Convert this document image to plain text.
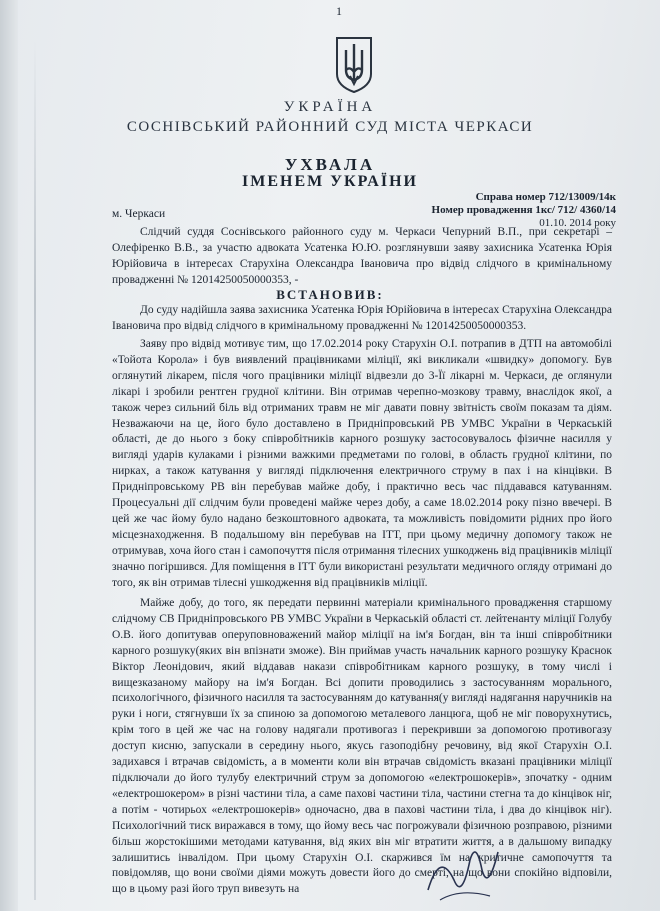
1
УКРАЇНА
СОСНІВСЬКИЙ РАЙОННИЙ СУД МІСТА ЧЕРКАСИ
УХВАЛА
ІМЕНЕМ УКРАЇНИ
Справа номер 712/13009/14к
Номер провадження 1кс/ 712/ 4360/14
01.10. 2014 року
м. Черкаси

Слідчий суддя Соснівського районного суду м. Черкаси Чепурний В.П., при секретарі – Олефіренко В.В., за участю адвоката Усатенка Ю.Ю. розглянувши заяву захисника Усатенка Юрія Юрійовича в інтересах Старухіна Олександра Івановича про відвід слідчого в кримінальному провадженні № 12014250050000353, -

ВСТАНОВИВ:

До суду надійшла заява захисника Усатенка Юрія Юрійовича в інтересах Старухіна Олександра Івановича про відвід слідчого в кримінальному провадженні № 12014250050000353.

Заяву про відвід мотивує тим, що 17.02.2014 року Старухін О.І. потрапив в ДТП на автомобілі «Тойота Корола» і був виявлений працівниками міліції, які викликали «швидку» допомогу. Був оглянутий лікарем, після чого працівники міліції відвезли до 3-Її лікарні м. Черкаси, де оглянули лікарі і зробили рентген грудної клітини. Він отримав черепно-мозкову травму, внаслідок якої, а також через сильний біль від отриманих травм не міг давати повну звітність своїм показам та діям. Незважаючи на це, його було доставлено в Придніпровський РВ УМВС України в Черкаській області, де до нього з боку співробітників карного розшуку застосовувалось фізичне насилля у вигляді ударів кулаками і різними важкими предметами по голові, в область грудної клітини, по нирках, а також катування у вигляді підключення електричного струму в пах і на кінцівки. В Придніпровському РВ він перебував майже добу, і практично весь час піддавався катуванням. Процесуальні дії слідчим були проведені майже через добу, а саме 18.02.2014 року пізно ввечері. В цей же час йому було надано безкоштовного адвоката, та можливість повідомити рідних про його місцезнаходження. В подальшому він перебував на ІТТ, при цьому медичну допомогу також не отримував, хоча його стан і самопочуття після отримання тілесних ушкоджень від працівників міліції значно погіршився. Для поміщення в ІТТ були використані результати медичного огляду отримані до того, як він отримав тілесні ушкодження від працівників міліції.

Майже добу, до того, як передати первинні матеріали кримінального провадження старшому слідчому СВ Придніпровського РВ УМВС України в Черкаській області ст. лейтенанту міліції Голубу О.В. його допитував оперуповноважений майор міліції на ім'я Богдан, він та інші співробітники карного розшуку(яких він впізнати зможе). Він приймав участь начальник карного розшуку Краснок Віктор Леонідович, який віддавав накази співробітникам карного розшуку, в тому числі і вищезказаному майору на ім'я Богдан. Всі допити проводились з застосуванням морального, психологічного, фізичного насилля та застосуванням до катування(у вигляді надягання наручників на руки і ноги, стягнувши їх за спиною за допомогою металевого ланцюга, щоб не міг поворухнутись, крім того в цей же час на голову надягали противогаз і перекривши за допомогою противогазу доступ кисню, запускали в середину нього, якусь газоподібну речовину, від якої Старухін О.І. задихався і втрачав свідомість, а в моменти коли він втрачав свідомість вказані працівники міліції підключали до його тулубу електричний струм за допомогою «електрошокерів», зпочатку - одним «електрошокером» в різні частини тіла, а саме пахові частини тіла, частини стегна та до кінцівок ніг, а потім - чотирьох «електрошокерів» одночасно, два в пахові частини тіла, і два до кінцівок ніг). Психологічний тиск виражався в тому, що йому весь час погрожували фізичною розправою, різними більш жорстокішими методами катування, від яких він міг втратити життя, а в дальшому випадку залишитись інвалідом. При цьому Старухін О.І. скаржився їм на критичне самопочуття та повідомляв, що вони своїми діями можуть довести його до смерті, на що вони спокійно відповіли, що в цьому разі його труп вивезуть на
